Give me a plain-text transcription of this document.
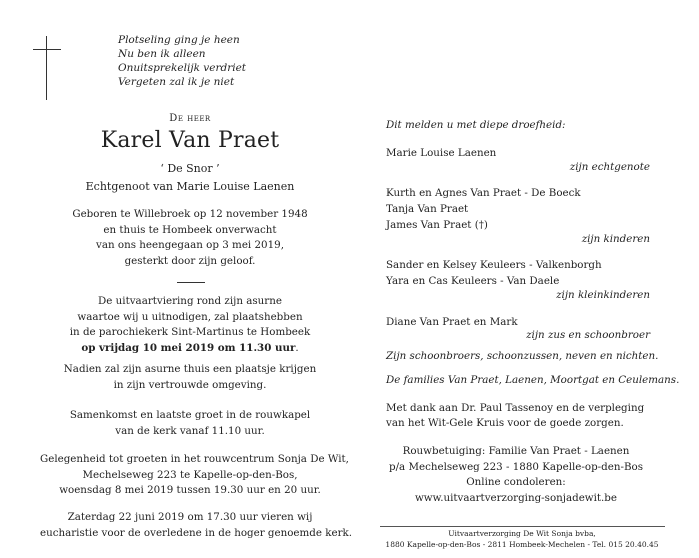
Plotseling ging je heen
Nu ben ik alleen
Onuitsprekelijk verdriet
Vergeten zal ik je niet
De heer
Karel Van Praet
‘ De Snor ’
Echtgenoot van Marie Louise Laenen
Geboren te Willebroek op 12 november 1948
en thuis te Hombeek onverwacht
van ons heengegaan op 3 mei 2019,
gesterkt door zijn geloof.
De uitvaartviering rond zijn asurne
waartoe wij u uitnodigen, zal plaatshebben
in de parochiekerk Sint-Martinus te Hombeek
op vrijdag 10 mei 2019 om 11.30 uur.
Nadien zal zijn asurne thuis een plaatsje krijgen
in zijn vertrouwde omgeving.
Samenkomst en laatste groet in de rouwkapel
van de kerk vanaf 11.10 uur.
Gelegenheid tot groeten in het rouwcentrum Sonja De Wit,
Mechelseweg 223 te Kapelle-op-den-Bos,
woensdag 8 mei 2019 tussen 19.30 uur en 20 uur.
Zaterdag 22 juni 2019 om 17.30 uur vieren wij
eucharistie voor de overledene in de hoger genoemde kerk.
Dit melden u met diepe droefheid:
Marie Louise Laenen
zijn echtgenote
Kurth en Agnes Van Praet - De Boeck
Tanja Van Praet
James Van Praet (†)
zijn kinderen
Sander en Kelsey Keuleers - Valkenborgh
Yara en Cas Keuleers - Van Daele
zijn kleinkinderen
Diane Van Praet en Mark
zijn zus en schoonbroer
Zijn schoonbroers, schoonzussen, neven en nichten.
De families Van Praet, Laenen, Moortgat en Ceulemans.
Met dank aan Dr. Paul Tassenoy en de verpleging
van het Wit-Gele Kruis voor de goede zorgen.
Rouwbetuiging: Familie Van Praet - Laenen
p/a Mechelseweg 223 - 1880 Kapelle-op-den-Bos
Online condoleren:
www.uitvaartverzorging-sonjadewit.be
Uitvaartverzorging De Wit Sonja bvba,
1880 Kapelle-op-den-Bos - 2811 Hombeek-Mechelen - Tel. 015 20.40.45
